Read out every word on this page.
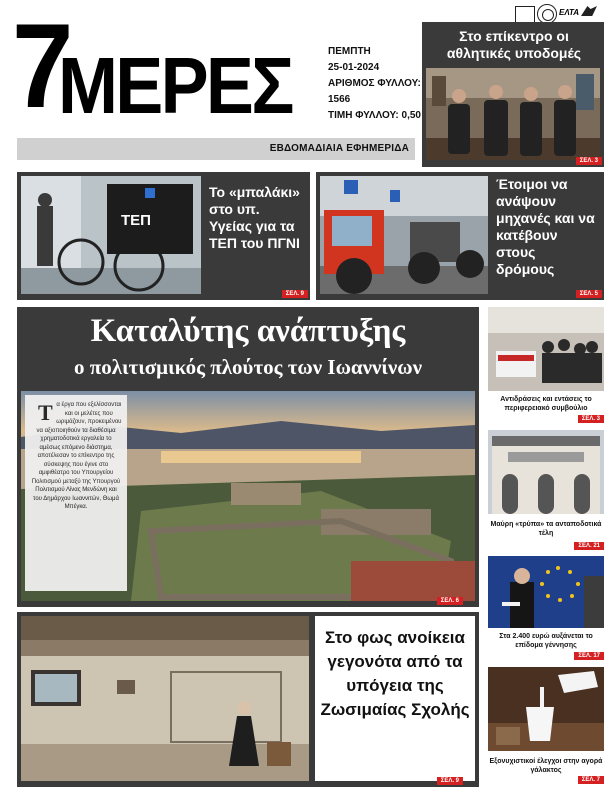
7
ΜΕΡΕΣ	ΠΕΜΠΤΗ
25-01-2024
ΑΡΙΘΜΟΣ ΦΥΛΛΟΥ:
1566
ΤΙΜΗ ΦΥΛΛΟΥ: 0,50
ΕΒΔΟΜΑΔΙΑΙΑ ΕΦΗΜΕΡΙΔΑ
ΕΛΤΑ
Στο επίκεντρο οι αθλητικές υποδομές
ΣΕΛ. 3
ΤΕΠ
Το «μπαλάκι» στο υπ. Υγείας για τα ΤΕΠ του ΠΓΝΙ
ΣΕΛ. 9
Έτοιμοι να ανάψουν μηχανές και να κατέβουν στους δρόμους
ΣΕΛ. 5
Καταλύτης ανάπτυξης
ο πολιτισμικός πλούτος των Ιωαννίνων

Τα έργα που εξελίσσονται και οι μελέτες που ωριμάζουν, προκειμένου να αξιοποιηθούν τα διαθέσιμα χρηματοδοτικά εργαλεία το αμέσως επόμενο διάστημα, αποτέλεσαν το επίκεντρο της σύσκεψης που έγινε στο αμφιθέατρο του Υπουργείου Πολιτισμού μεταξύ της Υπουργού Πολιτισμού Λίνας Μενδώνη και του Δημάρχου Ιωαννιτών, Θωμά Μπέγκα.

ΣΕΛ. 6
Στο φως ανοίκεια γεγονότα από τα υπόγεια της Ζωσιμαίας Σχολής
ΣΕΛ. 9
Αντιδράσεις και εντάσεις το περιφερειακό συμβούλιο
ΣΕΛ. 3
Μαύρη «τρύπα» τα ανταποδοτικά τέλη
ΣΕΛ. 21
Στα 2.400 ευρώ αυξάνεται το επίδομα γέννησης
ΣΕΛ. 17
Εξονυχιστικοί έλεγχοι στην αγορά γάλακτος
ΣΕΛ. 7
